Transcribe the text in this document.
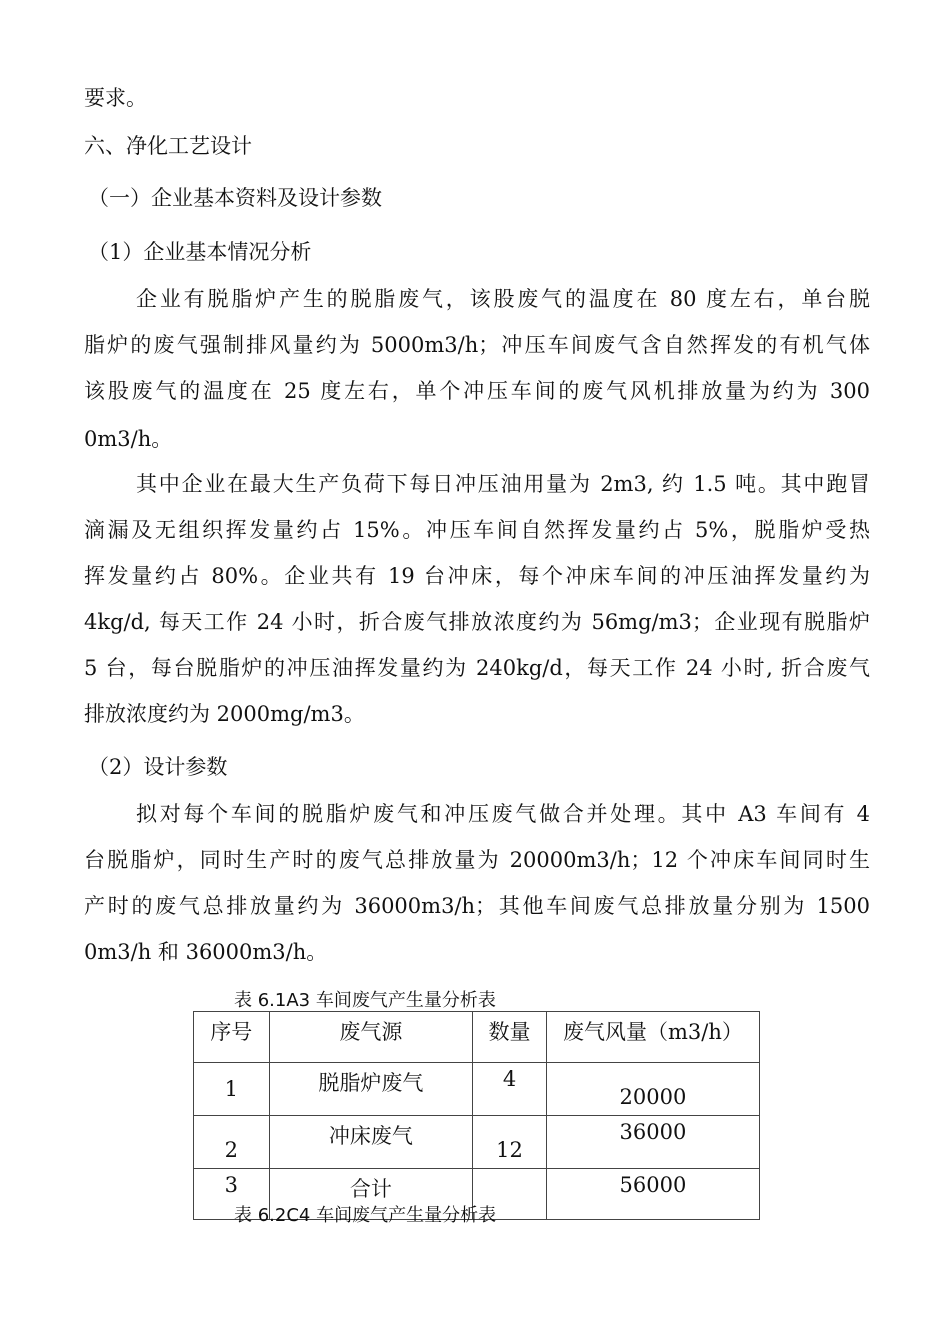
要求。
六、净化工艺设计
（一）企业基本资料及设计参数
（1）企业基本情况分析
企业有脱脂炉产生的脱脂废气，该股废气的温度在 80 度左右，单台脱
脂炉的废气强制排风量约为 5000m3/h；冲压车间废气含自然挥发的有机气体
该股废气的温度在 25 度左右，单个冲压车间的废气风机排放量为约为 300
0m3/h。
其中企业在最大生产负荷下每日冲压油用量为 2m3, 约 1.5 吨。其中跑冒
滴漏及无组织挥发量约占 15%。冲压车间自然挥发量约占 5%，脱脂炉受热
挥发量约占 80%。企业共有 19 台冲床，每个冲床车间的冲压油挥发量约为
4kg/d, 每天工作 24 小时，折合废气排放浓度约为 56mg/m3；企业现有脱脂炉
5 台，每台脱脂炉的冲压油挥发量约为 240kg/d，每天工作 24 小时, 折合废气
排放浓度约为 2000mg/m3。
（2）设计参数
拟对每个车间的脱脂炉废气和冲压废气做合并处理。其中 A3 车间有 4
台脱脂炉，同时生产时的废气总排放量为 20000m3/h；12 个冲床车间同时生
产时的废气总排放量约为 36000m3/h；其他车间废气总排放量分别为 1500
0m3/h 和 36000m3/h。
表 6.1A3 车间废气产生量分析表
序号	废气源	数量	废气风量（m3/h）
1	脱脂炉废气	4	20000
2	冲床废气	12	36000
3	合计		56000
表 6.2C4 车间废气产生量分析表
